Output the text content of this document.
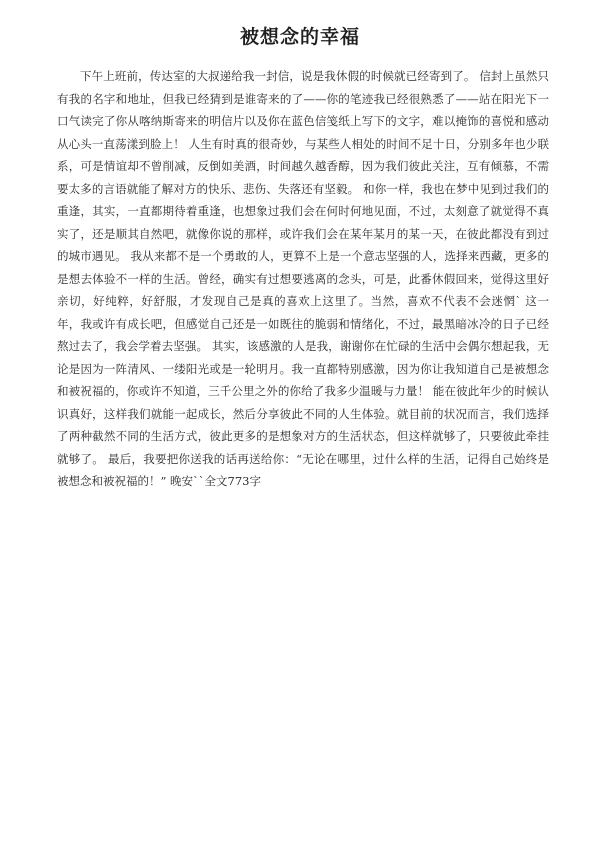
被想念的幸福

下午上班前，传达室的大叔递给我一封信，说是我休假的时候就已经寄到了。 信封上虽然只有我的名字和地址，但我已经猜到是谁寄来的了——你的笔迹我已经很熟悉了——站在阳光下一口气读完了你从喀纳斯寄来的明信片以及你在蓝色信笺纸上写下的文字，难以掩饰的喜悦和感动从心头一直荡漾到脸上！ 人生有时真的很奇妙，与某些人相处的时间不足十日，分别多年也少联系，可是情谊却不曾削减，反倒如美酒，时间越久越香醇，因为我们彼此关注，互有倾慕，不需要太多的言语就能了解对方的快乐、悲伤、失落还有坚毅。 和你一样，我也在梦中见到过我们的重逢，其实，一直都期待着重逢，也想象过我们会在何时何地见面，不过，太刻意了就觉得不真实了，还是顺其自然吧，就像你说的那样，或许我们会在某年某月的某一天，在彼此都没有到过的城市遇见。 我从来都不是一个勇敢的人，更算不上是一个意志坚强的人，选择来西藏，更多的是想去体验不一样的生活。曾经，确实有过想要逃离的念头，可是，此番休假回来，觉得这里好亲切，好纯粹，好舒服，才发现自己是真的喜欢上这里了。当然，喜欢不代表不会迷惘` 这一年，我或许有成长吧，但感觉自己还是一如既往的脆弱和情绪化，不过，最黑暗冰冷的日子已经熬过去了，我会学着去坚强。 其实，该感激的人是我，谢谢你在忙碌的生活中会偶尔想起我，无论是因为一阵清风、一缕阳光或是一轮明月。我一直都特别感激，因为你让我知道自己是被想念和被祝福的，你或许不知道，三千公里之外的你给了我多少温暖与力量！ 能在彼此年少的时候认识真好，这样我们就能一起成长，然后分享彼此不同的人生体验。就目前的状况而言，我们选择了两种截然不同的生活方式，彼此更多的是想象对方的生活状态，但这样就够了，只要彼此牵挂就够了。 最后，我要把你送我的话再送给你：“无论在哪里，过什么样的生活，记得自己始终是被想念和被祝福的！” 晚安``全文773字
